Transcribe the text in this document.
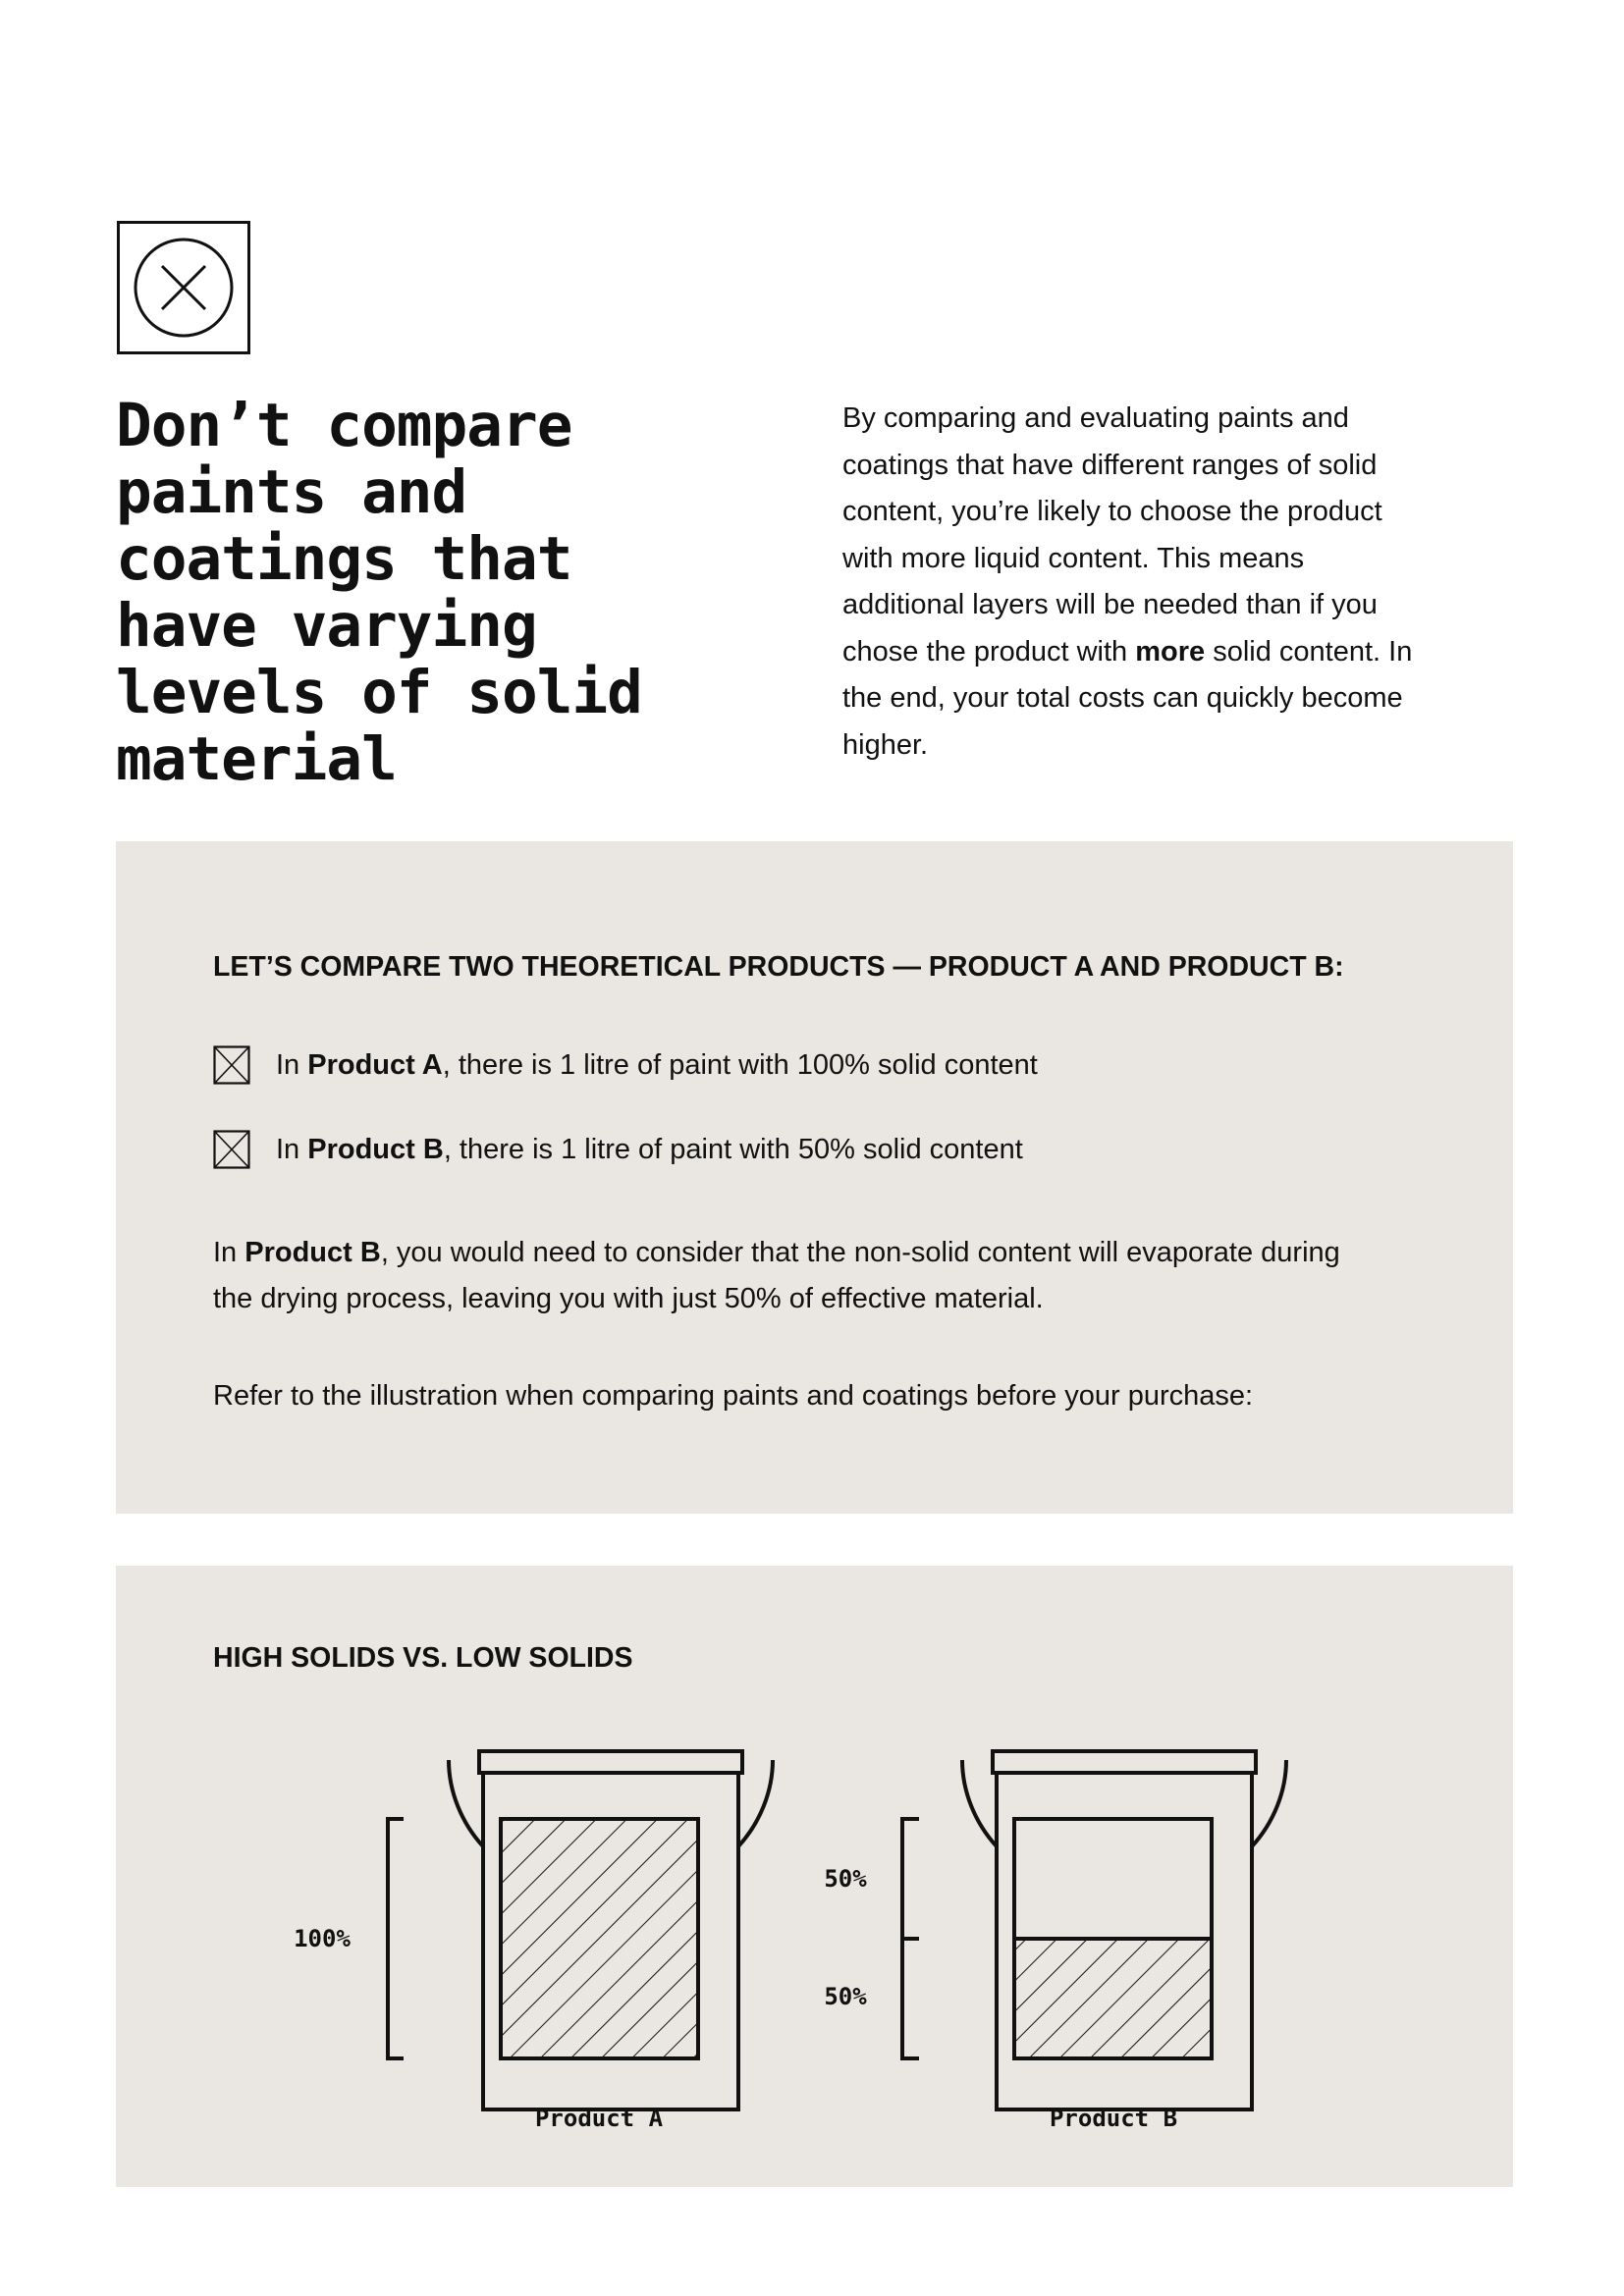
Don’t compare paints and coatings that have varying levels of solid material

By comparing and evaluating paints and coatings that have different ranges of solid content, you’re likely to choose the product with more liquid content. This means additional layers will be needed than if you chose the product with more solid content. In the end, your total costs can quickly become higher.

LET’S COMPARE TWO THEORETICAL PRODUCTS — PRODUCT A AND PRODUCT B:
In Product A, there is 1 litre of paint with 100% solid content
In Product B, there is 1 litre of paint with 50% solid content

In Product B, you would need to consider that the non-solid content will evaporate during the drying process, leaving you with just 50% of effective material.

Refer to the illustration when comparing paints and coatings before your purchase:

HIGH SOLIDS VS. LOW SOLIDS
100%
50%
50%
Product A	Product B
